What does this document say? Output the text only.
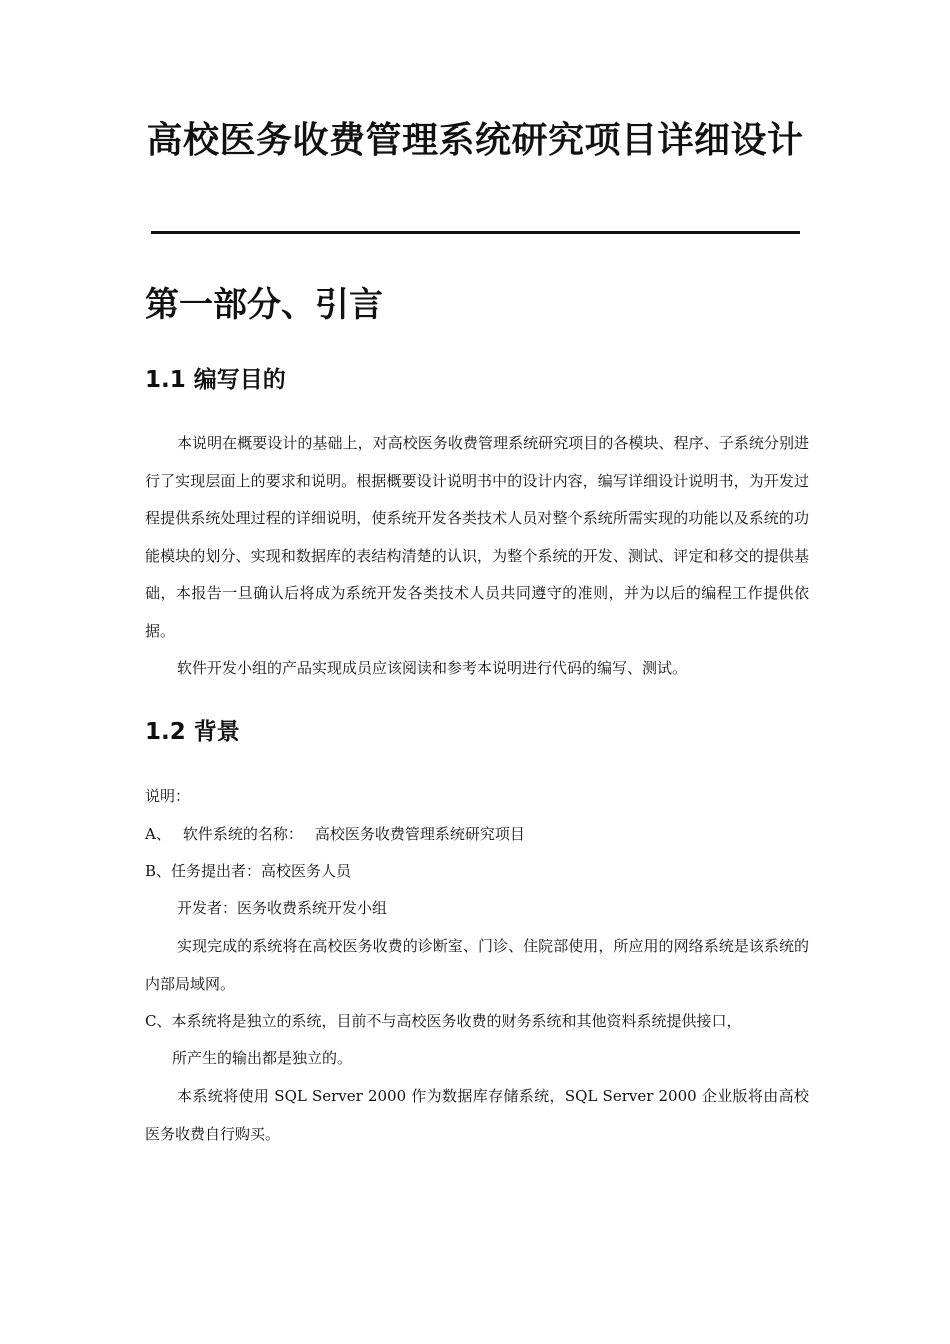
高校医务收费管理系统研究项目详细设计
第一部分、引言
1.1 编写目的

本说明在概要设计的基础上，对高校医务收费管理系统研究项目的各模块、程序、子系统分别进行了实现层面上的要求和说明。根据概要设计说明书中的设计内容，编写详细设计说明书，为开发过程提供系统处理过程的详细说明，使系统开发各类技术人员对整个系统所需实现的功能以及系统的功能模块的划分、实现和数据库的表结构清楚的认识，为整个系统的开发、测试、评定和移交的提供基础，本报告一旦确认后将成为系统开发各类技术人员共同遵守的准则，并为以后的编程工作提供依据。

软件开发小组的产品实现成员应该阅读和参考本说明进行代码的编写、测试。

1.2 背景
说明：
A、 软件系统的名称： 高校医务收费管理系统研究项目
B、任务提出者：高校医务人员
开发者：医务收费系统开发小组

实现完成的系统将在高校医务收费的诊断室、门诊、住院部使用，所应用的网络系统是该系统的内部局域网。

C、本系统将是独立的系统，目前不与高校医务收费的财务系统和其他资料系统提供接口，
所产生的输出都是独立的。

本系统将使用 SQL Server 2000 作为数据库存储系统，SQL Server 2000 企业版将由高校医务收费自行购买。
